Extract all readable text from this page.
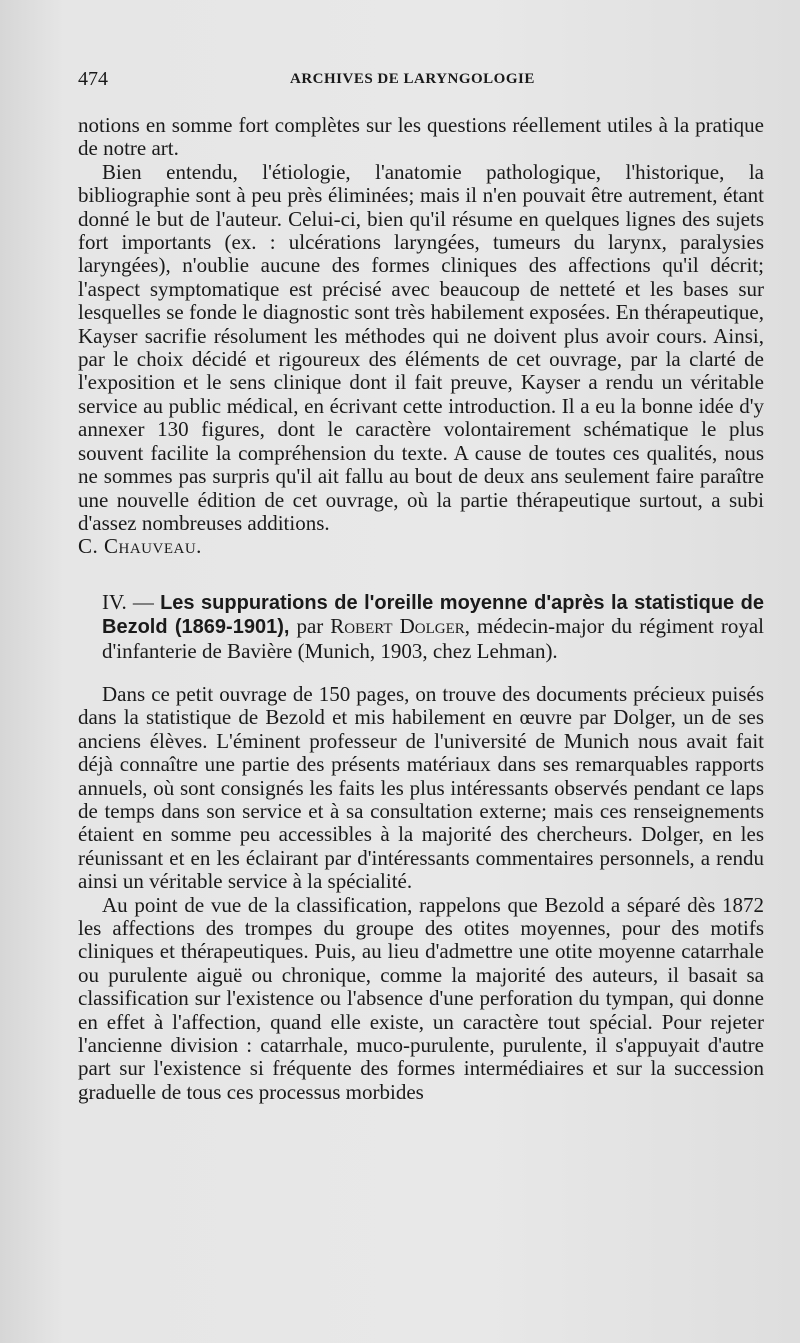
474	ARCHIVES DE LARYNGOLOGIE

notions en somme fort complètes sur les questions réellement utiles à la pratique de notre art.

Bien entendu, l'étiologie, l'anatomie pathologique, l'historique, la bibliographie sont à peu près éliminées; mais il n'en pouvait être autrement, étant donné le but de l'auteur. Celui-ci, bien qu'il résume en quelques lignes des sujets fort importants (ex. : ulcérations laryngées, tumeurs du larynx, paralysies laryngées), n'oublie aucune des formes cliniques des affections qu'il décrit; l'aspect symptomatique est précisé avec beaucoup de netteté et les bases sur lesquelles se fonde le diagnostic sont très habilement exposées. En thérapeutique, Kayser sacrifie résolument les méthodes qui ne doivent plus avoir cours. Ainsi, par le choix décidé et rigoureux des éléments de cet ouvrage, par la clarté de l'exposition et le sens clinique dont il fait preuve, Kayser a rendu un véritable service au public médical, en écrivant cette introduction. Il a eu la bonne idée d'y annexer 130 figures, dont le caractère volontairement schématique le plus souvent facilite la compréhension du texte. A cause de toutes ces qualités, nous ne sommes pas surpris qu'il ait fallu au bout de deux ans seulement faire paraître une nouvelle édition de cet ouvrage, où la partie thérapeutique surtout, a subi d'assez nombreuses additions.

C. Chauveau.

IV. — Les suppurations de l'oreille moyenne d'après la statistique de Bezold (1869-1901), par Robert Dolger, médecin-major du régiment royal d'infanterie de Bavière (Munich, 1903, chez Lehman).

Dans ce petit ouvrage de 150 pages, on trouve des documents précieux puisés dans la statistique de Bezold et mis habilement en œuvre par Dolger, un de ses anciens élèves. L'éminent professeur de l'université de Munich nous avait fait déjà connaître une partie des présents matériaux dans ses remarquables rapports annuels, où sont consignés les faits les plus intéressants observés pendant ce laps de temps dans son service et à sa consultation externe; mais ces renseignements étaient en somme peu accessibles à la majorité des chercheurs. Dolger, en les réunissant et en les éclairant par d'intéressants commentaires personnels, a rendu ainsi un véritable service à la spécialité.

Au point de vue de la classification, rappelons que Bezold a séparé dès 1872 les affections des trompes du groupe des otites moyennes, pour des motifs cliniques et thérapeutiques. Puis, au lieu d'admettre une otite moyenne catarrhale ou purulente aiguë ou chronique, comme la majorité des auteurs, il basait sa classification sur l'existence ou l'absence d'une perforation du tympan, qui donne en effet à l'affection, quand elle existe, un caractère tout spécial. Pour rejeter l'ancienne division : catarrhale, muco-purulente, purulente, il s'appuyait d'autre part sur l'existence si fréquente des formes intermédiaires et sur la succession graduelle de tous ces processus morbides
